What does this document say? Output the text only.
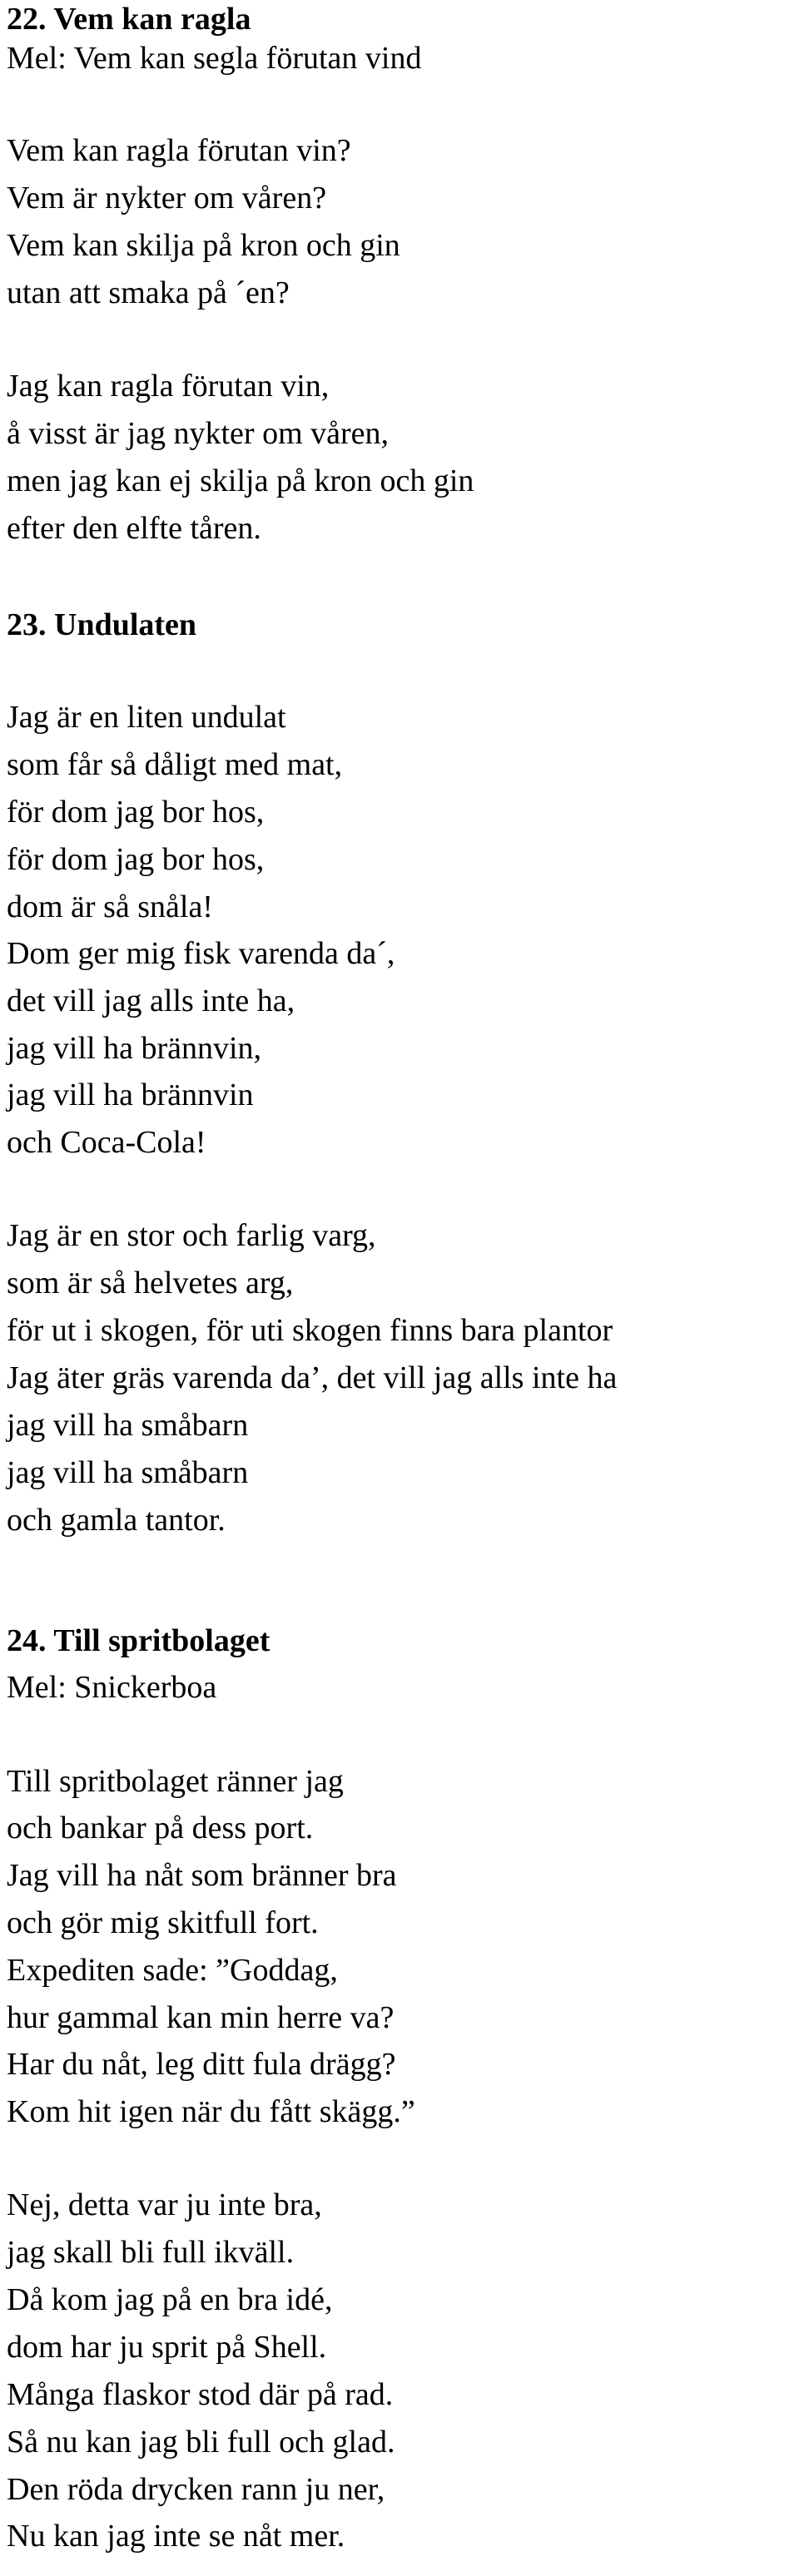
22. Vem kan ragla

Mel: Vem kan segla förutan vind

Vem kan ragla förutan vin?

Vem är nykter om våren?

Vem kan skilja på kron och gin

utan att smaka på ´en?

Jag kan ragla förutan vin,

å visst är jag nykter om våren,

men jag kan ej skilja på kron och gin

efter den elfte tåren.

23. Undulaten

Jag är en liten undulat

som får så dåligt med mat,

för dom jag bor hos,

för dom jag bor hos,

dom är så snåla!

Dom ger mig fisk varenda da´,

det vill jag alls inte ha,

jag vill ha brännvin,

jag vill ha brännvin

och Coca-Cola!

Jag är en stor och farlig varg,

som är så helvetes arg,

för ut i skogen, för uti skogen finns bara plantor

Jag äter gräs varenda da’, det vill jag alls inte ha

jag vill ha småbarn

jag vill ha småbarn

och gamla tantor.

24. Till spritbolaget

Mel: Snickerboa

Till spritbolaget ränner jag

och bankar på dess port.

Jag vill ha nåt som bränner bra

och gör mig skitfull fort.

Expediten sade: ”Goddag,

hur gammal kan min herre va?

Har du nåt, leg ditt fula drägg?

Kom hit igen när du fått skägg.”

Nej, detta var ju inte bra,

jag skall bli full ikväll.

Då kom jag på en bra idé,

dom har ju sprit på Shell.

Många flaskor stod där på rad.

Så nu kan jag bli full och glad.

Den röda drycken rann ju ner,

Nu kan jag inte se nåt mer.
